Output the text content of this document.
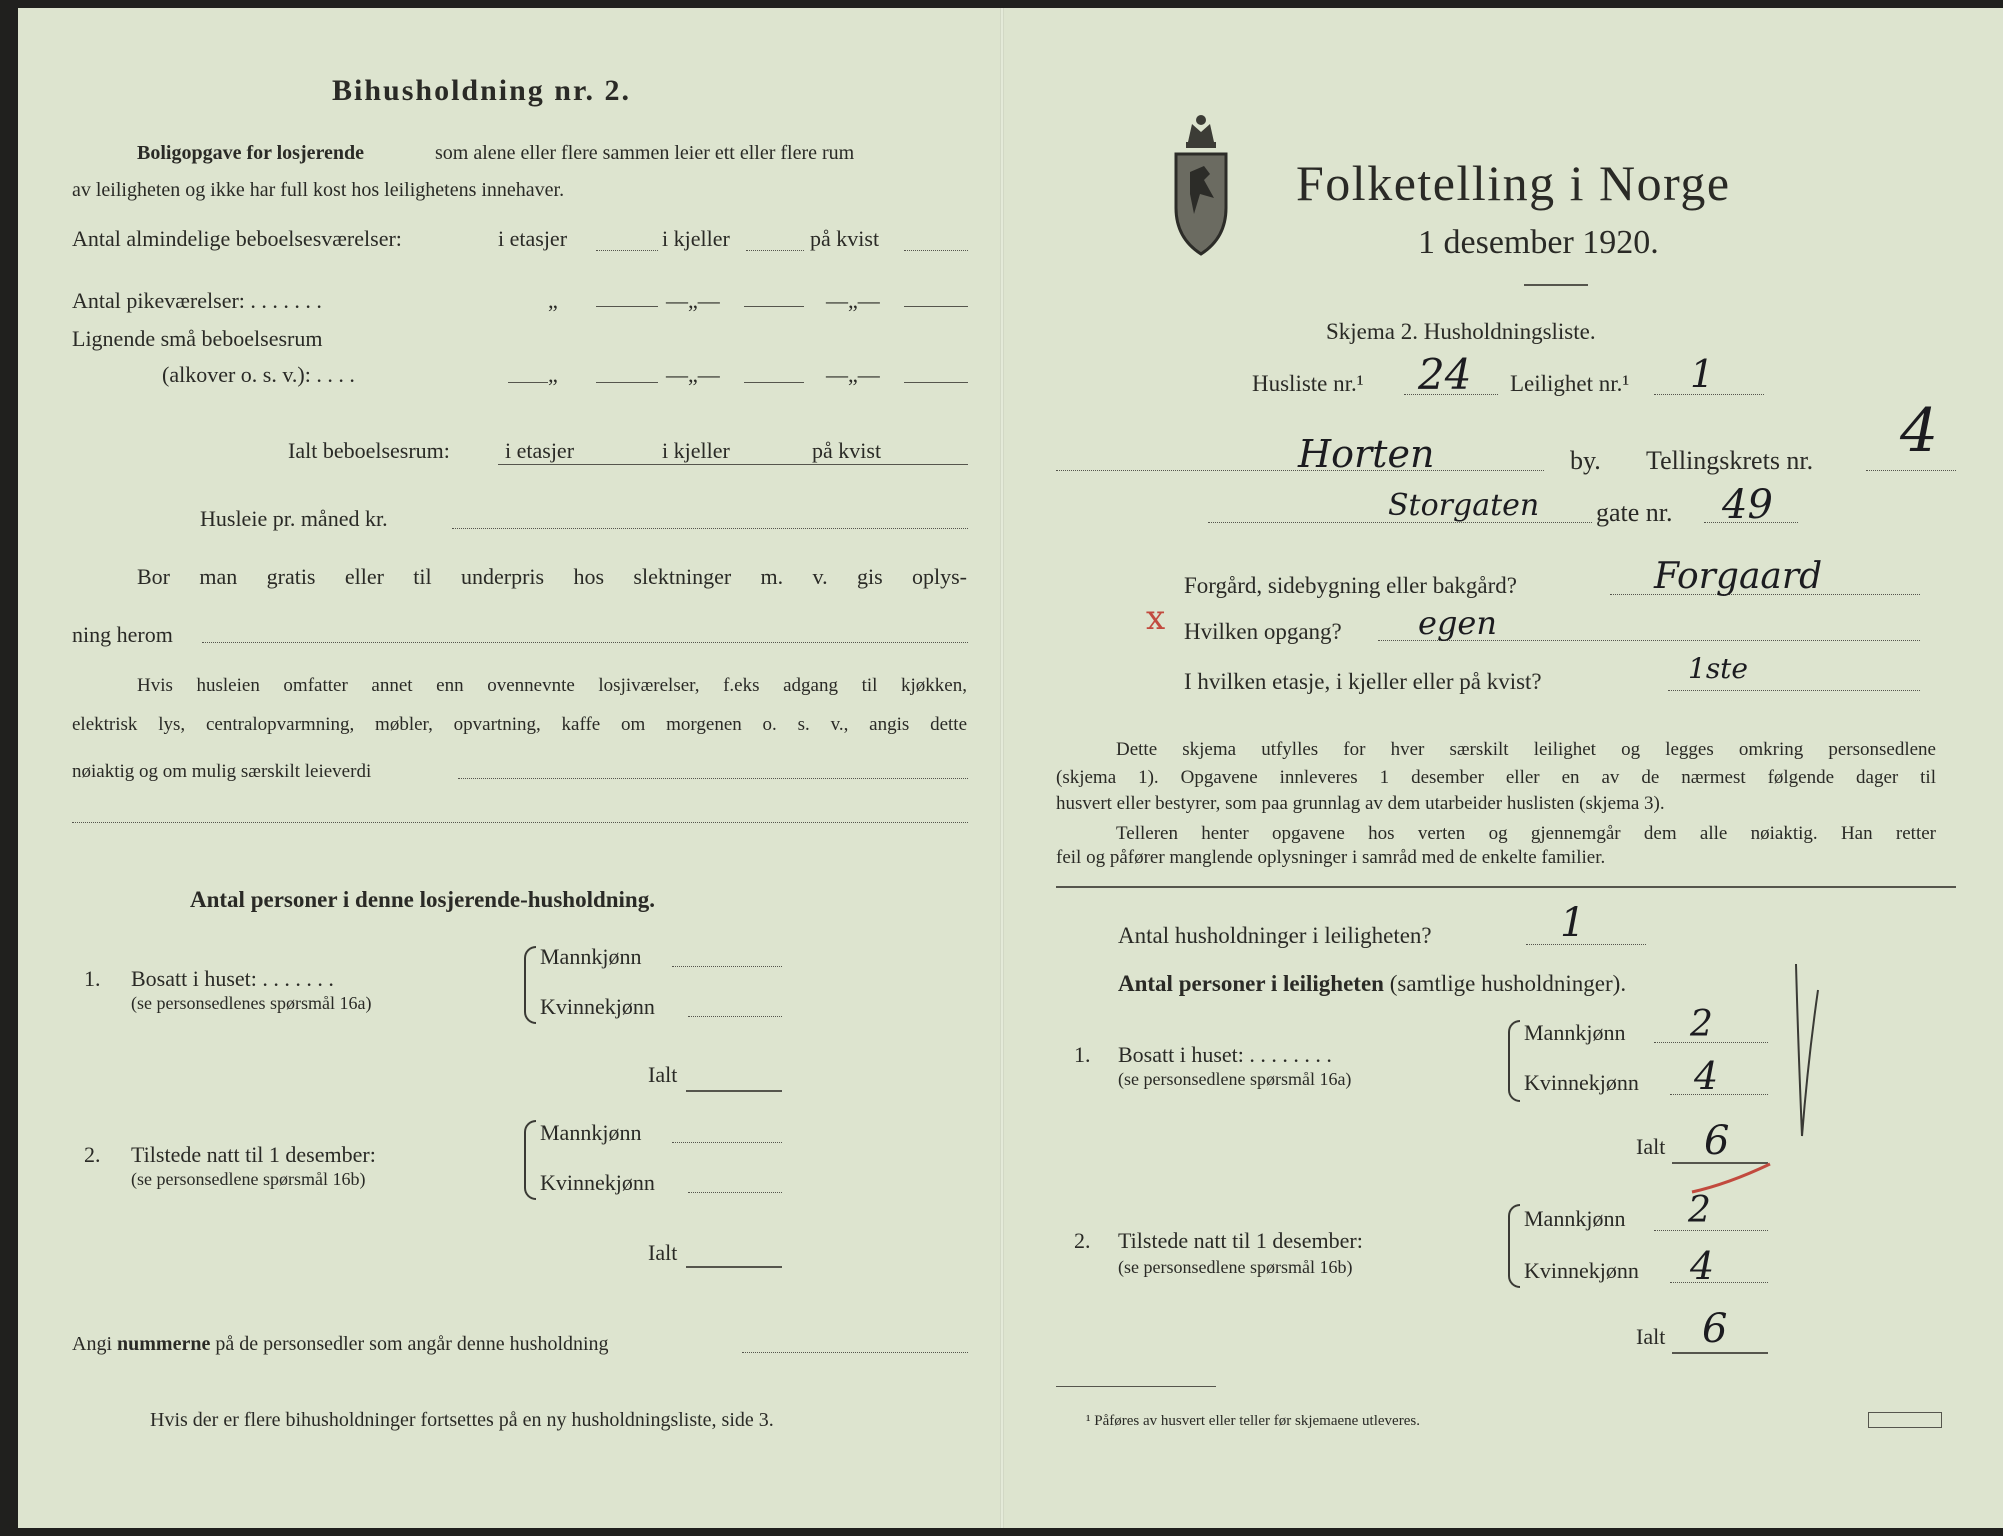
Bihusholdning nr. 2.
Boligopgave for losjerende	som alene eller flere sammen leier ett eller flere rum
av leiligheten og ikke har full kost hos leilighetens innehaver.
Antal almindelige beboelsesværelser:	i etasjer	i kjeller	på kvist
Antal pikeværelser: . . . . . . .	„	—„—	—„—
Lignende små beboelsesrum
(alkover o. s. v.): . . . .	„	—„—	—„—
Ialt beboelsesrum:	i etasjer	i kjeller	på kvist
Husleie pr. måned kr.
Bor man gratis eller til underpris hos slektninger m. v. gis oplys-
ning herom
Hvis husleien omfatter annet enn ovennevnte losjiværelser, f.eks adgang til kjøkken,
elektrisk lys, centralopvarmning, møbler, opvartning, kaffe om morgenen o. s. v., angis dette
nøiaktig og om mulig særskilt leieverdi
Antal personer i denne losjerende-husholdning.
1. Bosatt i huset: . . . . . . .
(se personsedlenes spørsmål 16a)
Mannkjønn
Kvinnekjønn
Ialt
2. Tilstede natt til 1 desember:
(se personsedlene spørsmål 16b)
Mannkjønn
Kvinnekjønn
Ialt
Angi nummerne på de personsedler som angår denne husholdning
Hvis der er flere bihusholdninger fortsettes på en ny husholdningsliste, side 3.
Folketelling i Norge
1 desember 1920.
Skjema 2. Husholdningsliste.
Husliste nr.¹ 24 Leilighet nr.¹ 1
Horten	by. Tellingskrets nr. 4
Storgaten gate nr. 49
Forgård, sidebygning eller bakgård?	Forgaard
x Hvilken opgang? egen
I hvilken etasje, i kjeller eller på kvist?	1ste
Dette skjema utfylles for hver særskilt leilighet og legges omkring personsedlene
(skjema 1). Opgavene innleveres 1 desember eller en av de nærmest følgende dager til
husvert eller bestyrer, som paa grunnlag av dem utarbeider huslisten (skjema 3).
Telleren henter opgavene hos verten og gjennemgår dem alle nøiaktig. Han retter
feil og påfører manglende oplysninger i samråd med de enkelte familier.
Antal husholdninger i leiligheten?	1
Antal personer i leiligheten (samtlige husholdninger).
1. Bosatt i huset: . . . . . . . .
(se personsedlene spørsmål 16a)
Mannkjønn 2
Kvinnekjønn 4
Ialt 6
2. Tilstede natt til 1 desember:
(se personsedlene spørsmål 16b)
Mannkjønn 2
Kvinnekjønn 4
Ialt 6
¹ Påføres av husvert eller teller før skjemaene utleveres.
